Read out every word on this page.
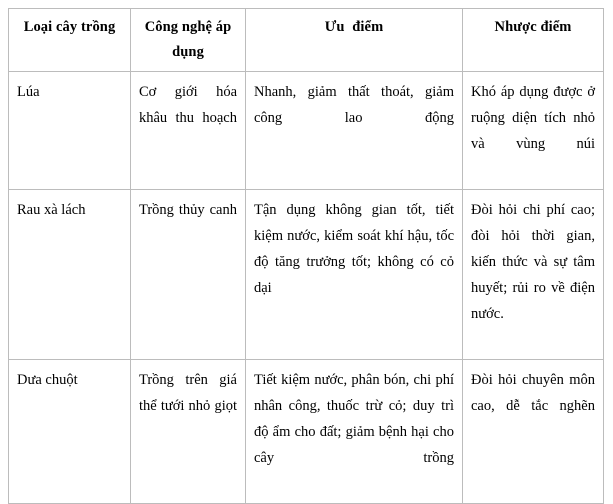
Loại cây trồng	Công nghệ áp dụng	Ưu điểm	Nhược điểm

Lúa	Cơ giới hóa khâu thu hoạch	Nhanh, giảm thất thoát, giảm công lao động	Khó áp dụng được ở ruộng diện tích nhỏ và vùng núi

Rau xà lách	Trồng thủy canh	Tận dụng không gian tốt, tiết kiệm nước, kiểm soát khí hậu, tốc độ tăng trưởng tốt; không có cỏ dại	Đòi hỏi chi phí cao; đòi hỏi thời gian, kiến thức và sự tâm huyết; rủi ro về điện nước.

Dưa chuột	Trồng trên giá thể tưới nhỏ giọt	Tiết kiệm nước, phân bón, chi phí nhân công, thuốc trừ cỏ; duy trì độ ẩm cho đất; giảm bệnh hại cho cây trồng	Đòi hỏi chuyên môn cao, dễ tắc nghẽn
